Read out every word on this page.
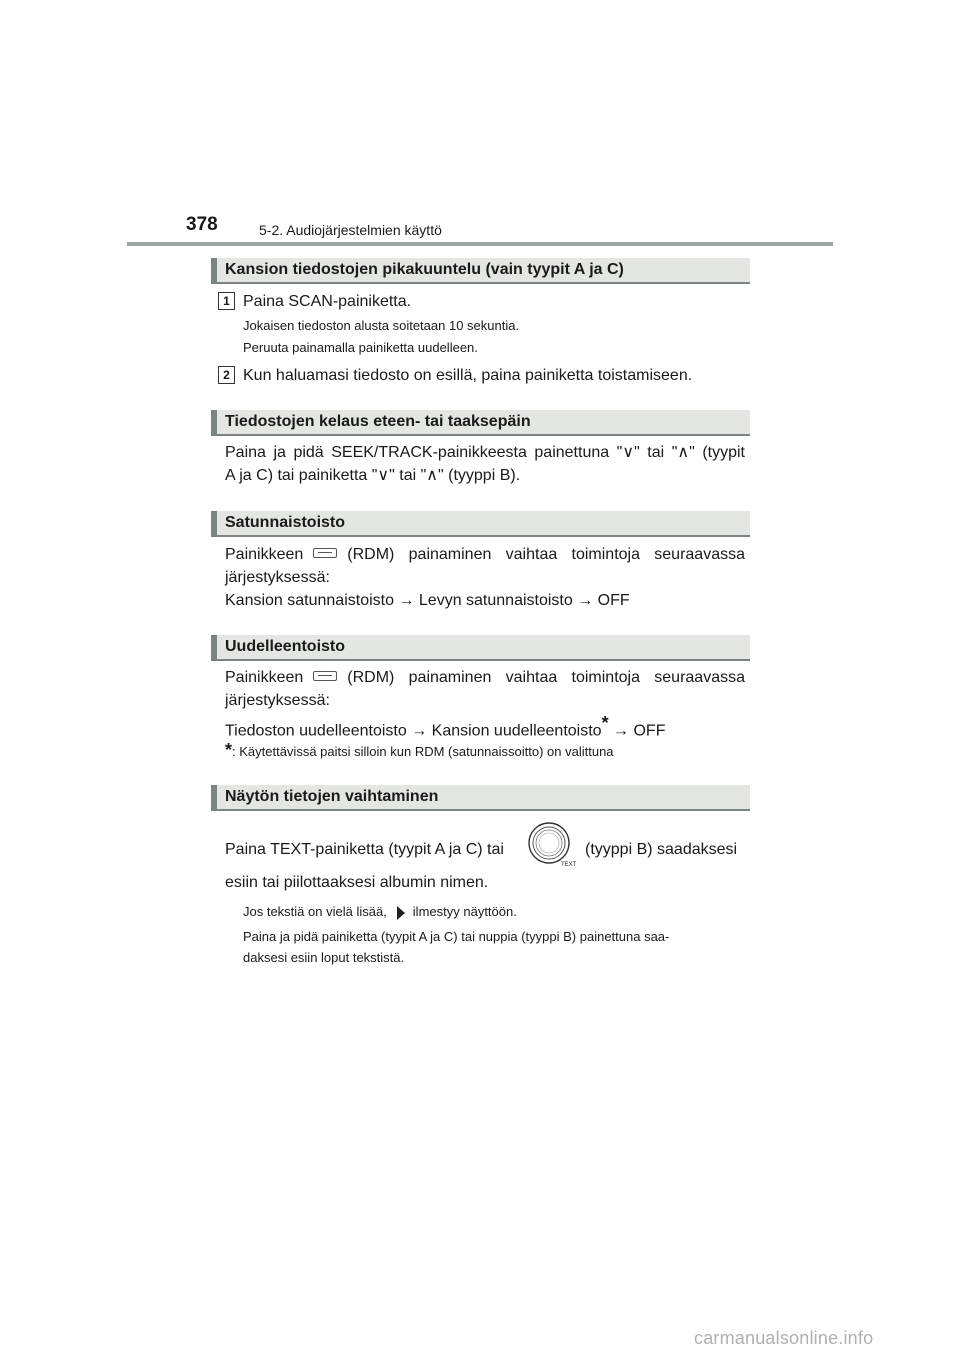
378	5-2. Audiojärjestelmien käyttö
Kansion tiedostojen pikakuuntelu (vain tyypit A ja C)
1 Paina SCAN-painiketta.
Jokaisen tiedoston alusta soitetaan 10 sekuntia.
Peruuta painamalla painiketta uudelleen.
2 Kun haluamasi tiedosto on esillä, paina painiketta toistamiseen.
Tiedostojen kelaus eteen- tai taaksepäin
Paina ja pidä SEEK/TRACK-painikkeesta painettuna "∨" tai "∧" (tyypit
A ja C) tai painiketta "∨" tai "∧" (tyyppi B).
Satunnaistoisto
Painikkeen	(RDM) painaminen vaihtaa toimintoja seuraavassa
järjestyksessä:
Kansion satunnaistoisto → Levyn satunnaistoisto → OFF
Uudelleentoisto
Painikkeen	(RDM) painaminen vaihtaa toimintoja seuraavassa
järjestyksessä:
Tiedoston uudelleentoisto → Kansion uudelleentoisto* → OFF
*: Käytettävissä paitsi silloin kun RDM (satunnaissoitto) on valittuna
Näytön tietojen vaihtaminen
Paina TEXT-painiketta (tyypit A ja C) tai
TEXT
(tyyppi B) saadaksesi
esiin tai piilottaaksesi albumin nimen.
Jos tekstiä on vielä lisää, ilmestyy näyttöön.
Paina ja pidä painiketta (tyypit A ja C) tai nuppia (tyyppi B) painettuna saa-
daksesi esiin loput tekstistä.
carmanualsonline.info
